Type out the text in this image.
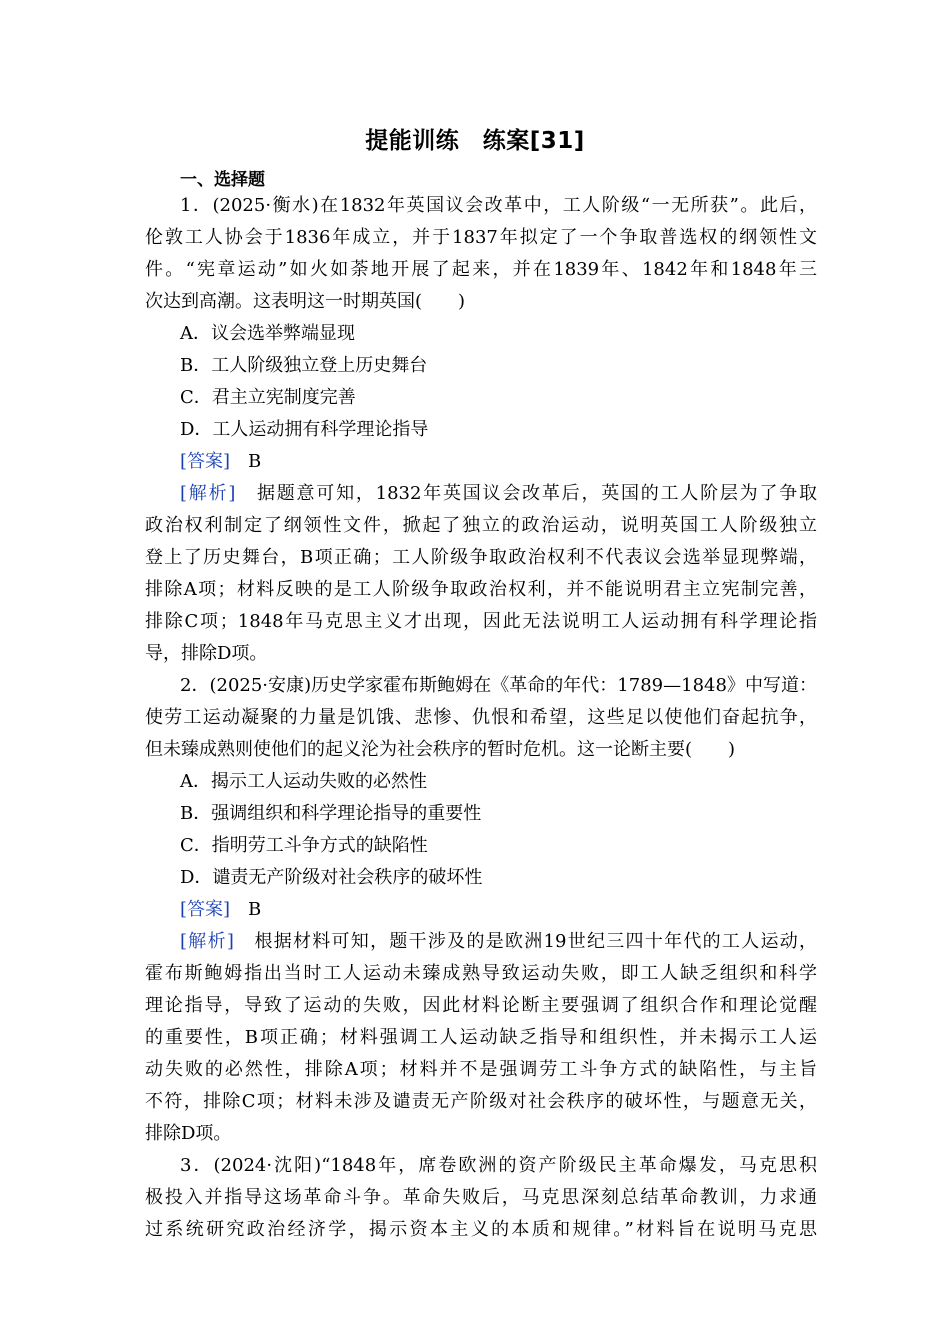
提能训练　练案[31]
一、选择题
1．(2025·衡水)在1832年英国议会改革中，工人阶级“一无所获”。此后，
伦敦工人协会于1836年成立，并于1837年拟定了一个争取普选权的纲领性文
件。“宪章运动”如火如荼地开展了起来，并在1839年、1842年和1848年三
次达到高潮。这表明这一时期英国(　　)
A．议会选举弊端显现
B．工人阶级独立登上历史舞台
C．君主立宪制度完善
D．工人运动拥有科学理论指导
[答案]　 B
[解析]　 据题意可知，1832年英国议会改革后，英国的工人阶层为了争取
政治权利制定了纲领性文件，掀起了独立的政治运动，说明英国工人阶级独立
登上了历史舞台，B项正确；工人阶级争取政治权利不代表议会选举显现弊端，
排除A项；材料反映的是工人阶级争取政治权利，并不能说明君主立宪制完善，
排除C项；1848年马克思主义才出现，因此无法说明工人运动拥有科学理论指
导，排除D项。
2．(2025·安康)历史学家霍布斯鲍姆在《革命的年代：1789—1848》中写道：
使劳工运动凝聚的力量是饥饿、悲惨、仇恨和希望，这些足以使他们奋起抗争，
但未臻成熟则使他们的起义沦为社会秩序的暂时危机。这一论断主要(　　)
A．揭示工人运动失败的必然性
B．强调组织和科学理论指导的重要性
C．指明劳工斗争方式的缺陷性
D．谴责无产阶级对社会秩序的破坏性
[答案]　 B
[解析]　 根据材料可知，题干涉及的是欧洲19世纪三四十年代的工人运动，
霍布斯鲍姆指出当时工人运动未臻成熟导致运动失败，即工人缺乏组织和科学
理论指导，导致了运动的失败，因此材料论断主要强调了组织合作和理论觉醒
的重要性，B项正确；材料强调工人运动缺乏指导和组织性，并未揭示工人运
动失败的必然性，排除A项；材料并不是强调劳工斗争方式的缺陷性，与主旨
不符，排除C项；材料未涉及谴责无产阶级对社会秩序的破坏性，与题意无关，
排除D项。
3．(2024·沈阳)“1848年，席卷欧洲的资产阶级民主革命爆发，马克思积
极投入并指导这场革命斗争。革命失败后，马克思深刻总结革命教训，力求通
过系统研究政治经济学，揭示资本主义的本质和规律。”材料旨在说明马克思
